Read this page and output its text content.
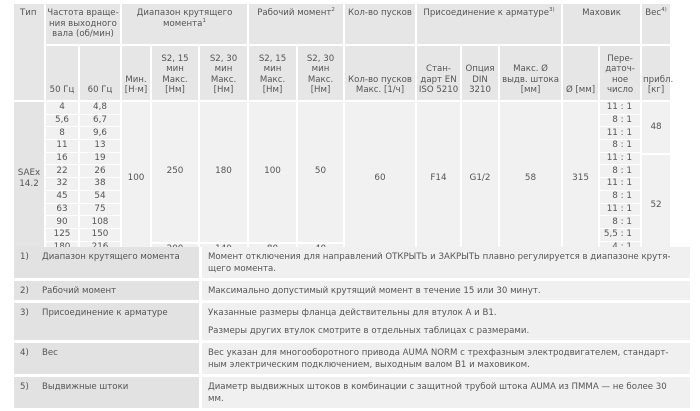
Тип	Частота враще-ния выходного вала (об/мин)		Диапазон крутящего момента$^1$			Рабочий момент$^2$		Кол-во пусков	Присоединение к арматуре$^{3)}$			Маховик		Вес$^{4)}$
	50 Гц	60 Гц	Мин. [Н·м]	S2, 15 мин Макс. [Нм]	S2, 30 мин Макс. [Нм]	S2, 15 мин Макс. [Нм]	S2, 30 мин Макс. [Нм]	Кол-во пусков Макс. [1/ч]	Стан-дарт EN ISO 5210	Опция DIN 3210	Макс. Ø выдв. штока [мм]	Ø [мм]	Пере-даточ-ное число	прибл. [кг]
SAEx 14.2	4	4,8	100	250	180	100	50	60	F14	G1/2	58	315	11 : 1	48
	5,6	6,7											8 : 1	
	8	9,6											11 : 1	
	11	13											8 : 1	
	16	19											11 : 1	52
	22	26											8 : 1	
	32	38											11 : 1	
	45	54											8 : 1	
	63	75											11 : 1	
	90	108											8 : 1	
	125	150											5,5 : 1	

1)	Диапазон крутящего момента	Момент отключения для направлений ОТКРЫТЬ и ЗАКРЫТЬ плавно регулируется в диапазоне крутя-щего момента.
2)	Рабочий момент	Максимально допустимый крутящий момент в течение 15 или 30 минут.
3)	Присоединение к арматуре	Указанные размеры фланца действительны для втулок A и B1.
Размеры других втулок смотрите в отдельных таблицах с размерами.

4)	Вес	Вес указан для многооборотного привода AUMA NORM с трехфазным электродвигателем, стандарт-ным электрическим подключением, выходным валом B1 и маховиком.
5)	Выдвижные штоки	Диаметр выдвижных штоков в комбинации с защитной трубой штока AUMA из ПММА — не более 30 мм.
